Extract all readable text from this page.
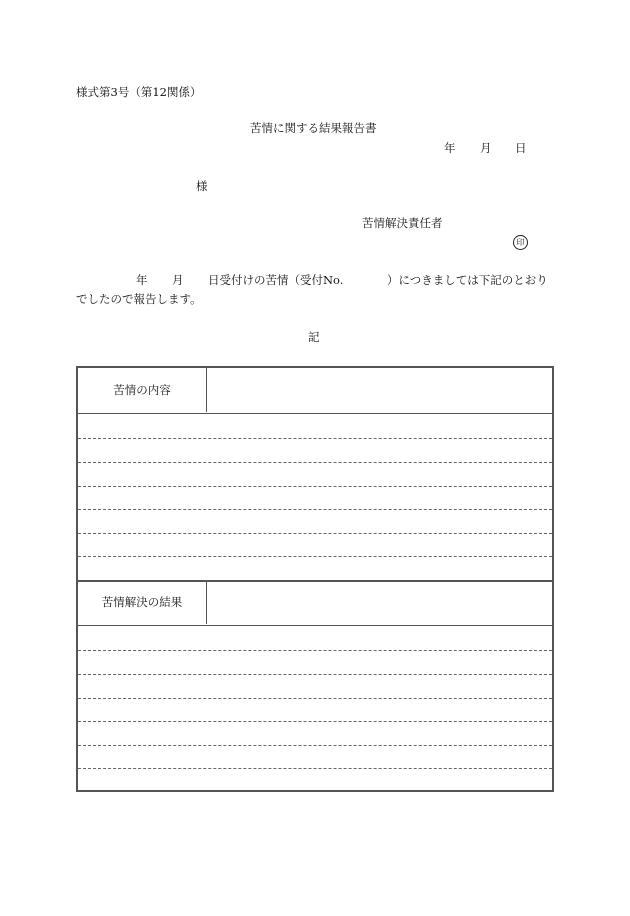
様式第3号（第12関係）
苦情に関する結果報告書
年 月 日
様
苦情解決責任者
印
年 月 日受付けの苦情（受付No.	）につきましては下記のとおり
でしたので報告します。
記
苦情の内容
苦情解決の結果
